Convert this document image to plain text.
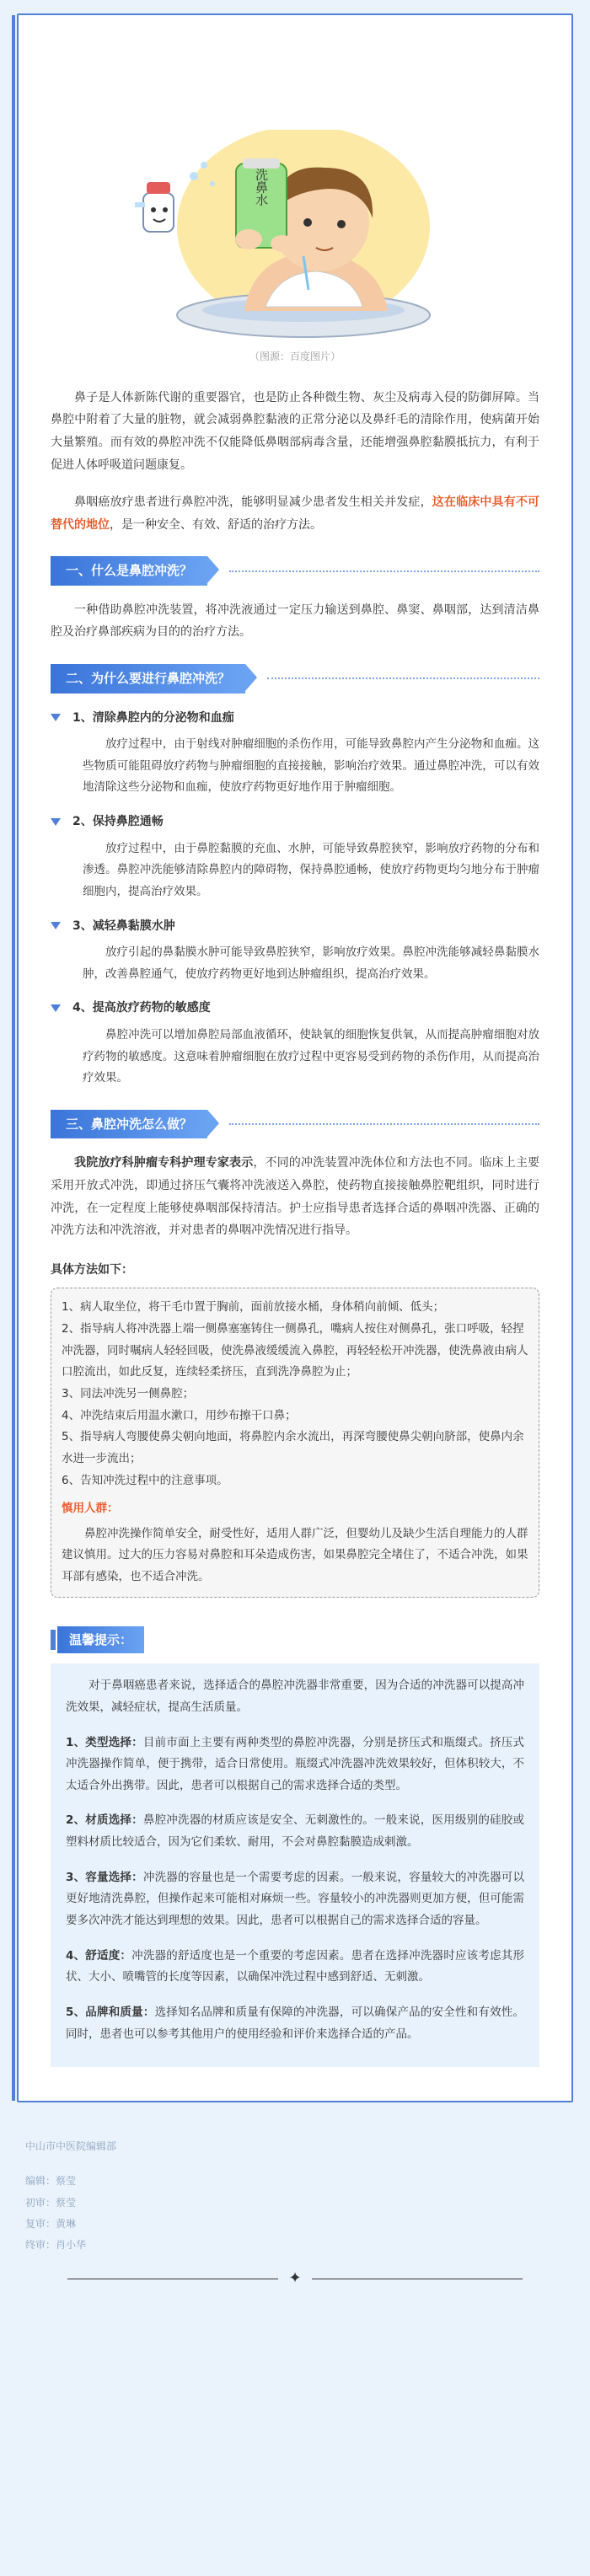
洗鼻水
（图源：百度图片）

鼻子是人体新陈代谢的重要器官，也是防止各种微生物、灰尘及病毒入侵的防御屏障。当鼻腔中附着了大量的脏物，就会减弱鼻腔黏液的正常分泌以及鼻纤毛的清除作用，使病菌开始大量繁殖。而有效的鼻腔冲洗不仅能降低鼻咽部病毒含量，还能增强鼻腔黏膜抵抗力，有利于促进人体呼吸道问题康复。

鼻咽癌放疗患者进行鼻腔冲洗，能够明显减少患者发生相关并发症，这在临床中具有不可替代的地位，是一种安全、有效、舒适的治疗方法。

一、什么是鼻腔冲洗？

一种借助鼻腔冲洗装置，将冲洗液通过一定压力输送到鼻腔、鼻窦、鼻咽部，达到清洁鼻腔及治疗鼻部疾病为目的的治疗方法。

二、为什么要进行鼻腔冲洗？
1、清除鼻腔内的分泌物和血痂

放疗过程中，由于射线对肿瘤细胞的杀伤作用，可能导致鼻腔内产生分泌物和血痂。这些物质可能阻碍放疗药物与肿瘤细胞的直接接触，影响治疗效果。通过鼻腔冲洗，可以有效地清除这些分泌物和血痂，使放疗药物更好地作用于肿瘤细胞。

2、保持鼻腔通畅

放疗过程中，由于鼻腔黏膜的充血、水肿，可能导致鼻腔狭窄，影响放疗药物的分布和渗透。鼻腔冲洗能够清除鼻腔内的障碍物，保持鼻腔通畅，使放疗药物更均匀地分布于肿瘤细胞内，提高治疗效果。

3、减轻鼻黏膜水肿

放疗引起的鼻黏膜水肿可能导致鼻腔狭窄，影响放疗效果。鼻腔冲洗能够减轻鼻黏膜水肿，改善鼻腔通气，使放疗药物更好地到达肿瘤组织，提高治疗效果。

4、提高放疗药物的敏感度

鼻腔冲洗可以增加鼻腔局部血液循环，使缺氧的细胞恢复供氧，从而提高肿瘤细胞对放疗药物的敏感度。这意味着肿瘤细胞在放疗过程中更容易受到药物的杀伤作用，从而提高治疗效果。

三、鼻腔冲洗怎么做？

我院放疗科肿瘤专科护理专家表示，不同的冲洗装置冲洗体位和方法也不同。临床上主要采用开放式冲洗，即通过挤压气囊将冲洗液送入鼻腔，使药物直接接触鼻腔靶组织，同时进行冲洗，在一定程度上能够使鼻咽部保持清洁。护士应指导患者选择合适的鼻咽冲洗器、正确的冲洗方法和冲洗溶液，并对患者的鼻咽冲洗情况进行指导。

具体方法如下：
1、病人取坐位，将干毛巾置于胸前，面前放接水桶，身体稍向前倾、低头；
2、指导病人将冲洗器上端一侧鼻塞塞铸住一侧鼻孔，嘴病人按住对侧鼻孔，张口呼吸，轻捏冲洗器，同时嘱病人轻轻回吸，使洗鼻液缓缓流入鼻腔，再轻轻松开冲洗器，使洗鼻液由病人口腔流出，如此反复，连续轻柔挤压，直到洗净鼻腔为止；
3、同法冲洗另一侧鼻腔；
4、冲洗结束后用温水漱口，用纱布擦干口鼻；
5、指导病人弯腰使鼻尖朝向地面，将鼻腔内余水流出，再深弯腰使鼻尖朝向脐部，使鼻内余水进一步流出；
6、告知冲洗过程中的注意事项。
慎用人群：
鼻腔冲洗操作简单安全，耐受性好，适用人群广泛，但婴幼儿及缺少生活自理能力的人群建议慎用。过大的压力容易对鼻腔和耳朵造成伤害，如果鼻腔完全堵住了，不适合冲洗，如果耳部有感染，也不适合冲洗。
温馨提示：

对于鼻咽癌患者来说，选择适合的鼻腔冲洗器非常重要，因为合适的冲洗器可以提高冲洗效果，减轻症状，提高生活质量。

1、类型选择：目前市面上主要有两种类型的鼻腔冲洗器，分别是挤压式和瓶缀式。挤压式冲洗器操作简单，便于携带，适合日常使用。瓶缀式冲洗器冲洗效果较好，但体积较大，不太适合外出携带。因此，患者可以根据自己的需求选择合适的类型。

2、材质选择：鼻腔冲洗器的材质应该是安全、无刺激性的。一般来说，医用级别的硅胶或塑料材质比较适合，因为它们柔软、耐用，不会对鼻腔黏膜造成刺激。

3、容量选择：冲洗器的容量也是一个需要考虑的因素。一般来说，容量较大的冲洗器可以更好地清洗鼻腔，但操作起来可能相对麻烦一些。容量较小的冲洗器则更加方便，但可能需要多次冲洗才能达到理想的效果。因此，患者可以根据自己的需求选择合适的容量。

4、舒适度：冲洗器的舒适度也是一个重要的考虑因素。患者在选择冲洗器时应该考虑其形状、大小、喷嘴管的长度等因素，以确保冲洗过程中感到舒适、无刺激。

5、品牌和质量：选择知名品牌和质量有保障的冲洗器，可以确保产品的安全性和有效性。同时，患者也可以参考其他用户的使用经验和评价来选择合适的产品。

中山市中医院编辑部
编辑：蔡莹
初审：蔡莹
复审：黄琳
终审：肖小华
✦
